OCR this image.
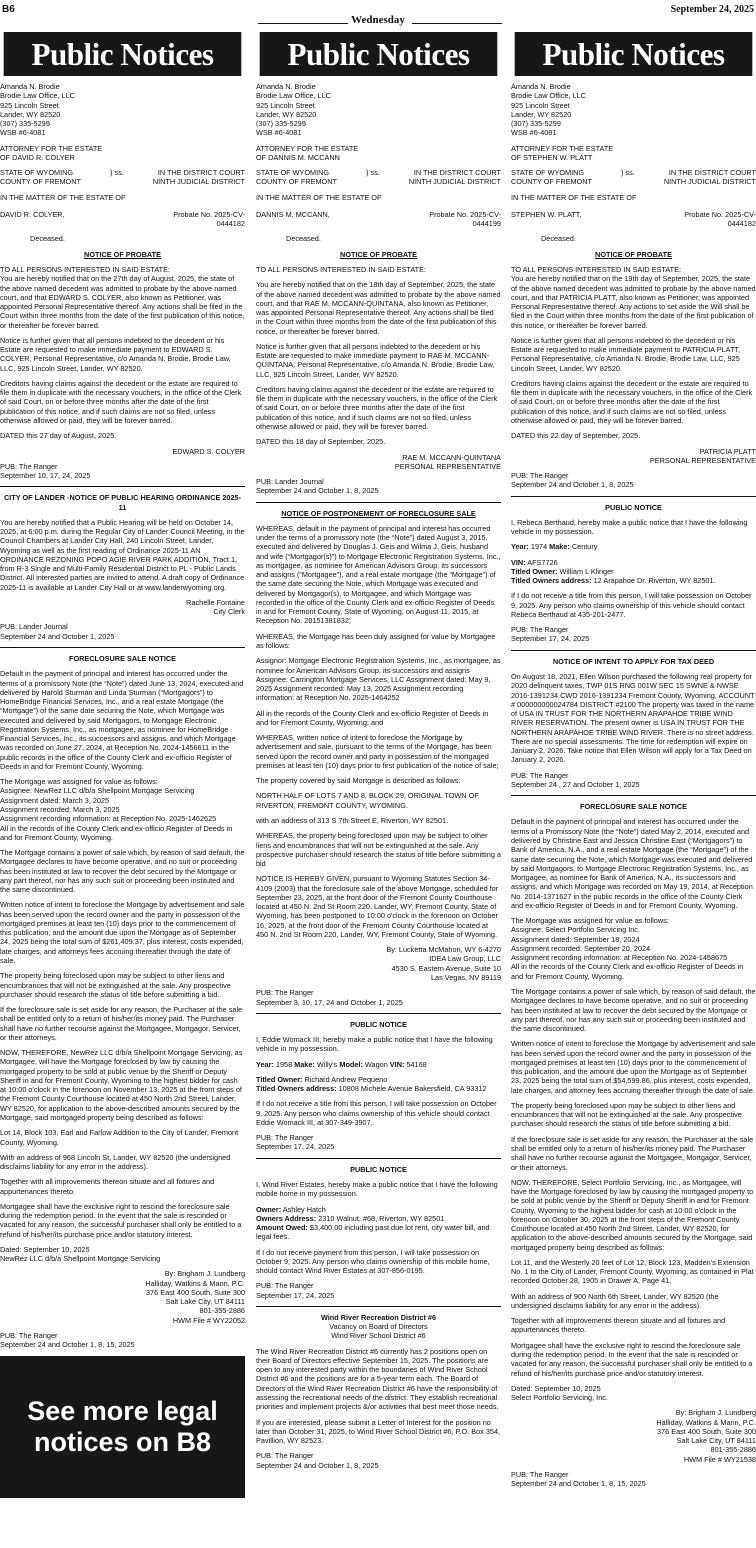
B6
Wednesday
September 24, 2025
Public Notices
Amanda N. Brodie
Brodie Law Office, LLC
925 Lincoln Street
Lander, WY 82520
(307) 335-5299
WSB #6-4081
ATTORNEY FOR THE ESTATE
OF DAVID R. COLYER
STATE OF WYOMING	) ss.	IN THE DISTRICT COURT
COUNTY OF FREMONT	NINTH JUDICIAL DISTRICT
IN THE MATTER OF THE ESTATE OF
DAVID R. COLYER,	Probate No. 2025-CV-0444182
Deceased.
NOTICE OF PROBATE

TO ALL PERSONS INTERESTED IN SAID ESTATE:
You are hereby notified that on the 27th day of August, 2025, the state of the above named decedent was admitted to probate by the above named court, and that EDWARD S. COLYER, also known as Petitioner, was appointed Personal Representative thereof. Any actions shall be filed in the Court within three months from the date of the first publication of this notice, or thereafter be forever barred.

Notice is further given that all persons indebted to the decedent or his Estate are requested to make immediate payment to EDWARD S. COLYER, Personal Representative, c/o Amanda N. Brodie, Brodie Law, LLC, 925 Lincoln Street, Lander, WY 82520.

Creditors having claims against the decedent or the estate are required to file them in duplicate with the necessary vouchers, in the office of the Clerk of said Court, on or before three months after the date of the first publication of this notice, and if such claims are not so filed, unless otherwise allowed or paid, they will be forever barred.

DATED this 27 day of August, 2025.

EDWARD S. COLYER
PUB: The Ranger
September 10, 17, 24, 2025
CITY OF LANDER -NOTICE OF PUBLIC HEARING ORDINANCE 2025- 11

You are hereby notified that a Public Hearing will be held on October 14, 2025, at 6:00 p.m. during the Regular City of Lander Council Meeting, in the Council Chambers at Lander City Hall, 240 Lincoln Street, Lander, Wyoming as well as the first reading of Ordinance 2025-11 AN ORDINANCE REZONING POPO AGIE RIVER PARK ADDITION, Tract 1, from R-3 Single and Multi-Family Residential District to PL - Public Lands District. All interested parties are invited to attend. A draft copy of Ordinance 2025-11 is available at Lander City Hall or at www.landerwyoming.org.

Rachelle Fontaine
City Clerk
PUB: Lander Journal
September 24 and October 1, 2025
FORECLOSURE SALE NOTICE

Default in the payment of principal and interest has occurred under the terms of a promissory Note (the “Note”) dated June 13, 2024, executed and delivered by Harold Sturman and Linda Sturman (“Mortgagors”) to HomeBridge Financial Services, Inc., and a real estate Mortgage (the “Mortgage”) of the same date securing the Note, which Mortgage was executed and delivered by said Mortgagors, to Mortgage Electronic Registration Systems, Inc., as mortgagee, as nominee for HomeBridge Financial Services, Inc., its successors and assigns, and which Mortgage was recorded on June 27, 2024, at Reception No. 2024-1456611 in the public records in the office of the County Clerk and ex-officio Register of Deeds in and for Fremont County, Wyoming.

The Mortgage was assigned for value as follows:
Assignee: NewRez LLC d/b/a Shellpoint Mortgage Servicing
Assignment dated: March 3, 2025
Assignment recorded: March 3, 2025
Assignment recording information: at Reception No. 2025-1462625
All in the records of the County Clerk and ex-officio Register of Deeds in and for Fremont County, Wyoming.

The Mortgage contains a power of sale which, by reason of said default, the Mortgagee declares to have become operative, and no suit or proceeding has been instituted at law to recover the debt secured by the Mortgage or any part thereof, nor has any such suit or proceeding been instituted and the same discontinued.

Written notice of intent to foreclose the Mortgage by advertisement and sale has been served upon the record owner and the party in possession of the mortgaged premises at least ten (10) days prior to the commencement of this publication, and the amount due upon the Mortgage as of September 24, 2025 being the total sum of $261,409.37, plus interest, costs expended, late charges, and attorneys fees accruing thereafter through the date of sale.

The property being foreclosed upon may be subject to other liens and encumbrances that will not be extinguished at the sale. Any prospective purchaser should research the status of title before submitting a bid.

If the foreclosure sale is set aside for any reason, the Purchaser at the sale shall be entitled only to a return of his/her/its money paid. The Purchaser shall have no further recourse against the Mortgagee, Mortgagor, Servicer, or their attorneys.

NOW, THEREFORE, NewRez LLC d/b/a Shellpoint Mortgage Servicing, as Mortgagee, will have the Mortgage foreclosed by law by causing the mortgaged property to be sold at public venue by the Sheriff or Deputy Sheriff in and for Fremont County, Wyoming to the highest bidder for cash at 10:00 o'clock in the forenoon on November 13, 2025 at the front steps of the Fremont County Courthouse located at 450 North 2nd Street, Lander, WY 82520, for application to the above-described amounts secured by the Mortgage, said mortgaged property being described as follows:

Lot 14, Block 103, Earl and Farlow Addition to the City of Lander, Fremont County, Wyoming.

With an address of 968 Lincoln St, Lander, WY 82520 (the undersigned disclaims liability for any error in the address).

Together with all improvements thereon situate and all fixtures and appurtenances thereto.

Mortgagee shall have the exclusive right to rescind the foreclosure sale during the redemption period. In the event that the sale is rescinded or vacated for any reason, the successful purchaser shall only be entitled to a refund of his/her/its purchase price and/or statutory interest.

Dated: September 10, 2025
NewRez LLC d/b/a Shellpoint Mortgage Servicing

By: Brigham J. Lundberg
Halliday, Watkins & Mann, P.C.
376 East 400 South, Suite 300
Salt Lake City, UT 84111
801-355-2886
HWM File # WY22052
PUB: The Ranger
September 24 and October 1, 8, 15, 2025
See more legal notices on B8
Public Notices
Amanda N. Brodie
Brodie Law Office, LLC
925 Lincoln Street
Lander, WY 82520
(307) 335-5299
WSB #6-4081
ATTORNEY FOR THE ESTATE
OF DANNIS M. MCCANN
STATE OF WYOMING	) ss.	IN THE DISTRICT COURT
COUNTY OF FREMONT	NINTH JUDICIAL DISTRICT
IN THE MATTER OF THE ESTATE OF
DANNIS M. MCCANN,	Probate No. 2025-CV-0444199
Deceased.
NOTICE OF PROBATE

TO ALL PERSONS INTERESTED IN SAID ESTATE:

You are hereby notified that on the 18th day of September, 2025, the state of the above named decedent was admitted to probate by the above named court, and that RAE M. MCCANN-QUINTANA, also known as Petitioner, was appointed Personal Representative thereof. Any actions shall be filed in the Court within three months from the date of the first publication of this notice, or thereafter be forever barred.

Notice is further given that all persons indebted to the decedent or his Estate are requested to make immediate payment to RAE M. MCCANN-QUINTANA, Personal Representative, c/o Amanda N. Brodie, Brodie Law, LLC, 925 Lincoln Street, Lander, WY 82520.

Creditors having claims against the decedent or the estate are required to file them in duplicate with the necessary vouchers, in the office of the Clerk of said Court, on or before three months after the date of the first publication of this notice, and if such claims are not so filed, unless otherwise allowed or paid, they will be forever barred.

DATED this 18 day of September, 2025.

RAE M. MCCANN-QUINTANA
PERSONAL REPRESENTATIVE
PUB: Lander Journal
September 24 and October 1, 8, 2025
NOTICE OF POSTPONEMENT OF FORECLOSURE SALE

WHEREAS, default in the payment of principal and interest has occurred under the terms of a promissory note (the “Note”) dated August 3, 2015, executed and delivered by Douglas J. Geis and Wilma J. Geis, husband and wife (“Mortgagor(s)”) to Mortgage Electronic Registration Systems, Inc., as mortgagee, as nominee for American Advisors Group, its successors and assigns (“Mortgagee”), and a real estate mortgage (the “Mortgage”) of the same date securing the Note, which Mortgage was executed and delivered by Mortgagor(s), to Mortgagee, and which Mortgage was recorded in the office of the County Clerk and ex-officio Register of Deeds in and for Fremont County, State of Wyoming, on August 11, 2015, at Reception No. 20151381832;

WHEREAS, the Mortgage has been duly assigned for value by Mortgagee as follows:

Assignor: Mortgage Electronic Registration Systems, Inc., as mortgagee, as nominee for American Advisors Group, its successors and assigns Assignee: Carrington Mortgage Services, LLC Assignment dated: May 9, 2025 Assignment recorded: May 13, 2025 Assignment recording information: at Reception No. 2025-1464252

All in the records of the County Clerk and ex-officio Register of Deeds in and for Fremont County, Wyoming; and

WHEREAS, written notice of intent to foreclose the Mortgage by advertisement and sale, pursuant to the terms of the Mortgage, has been served upon the record owner and party in possession of the mortgaged premises at least ten (10) days prior to first publication of the notice of sale;

The property covered by said Mortgage is described as follows:

NORTH HALF OF LOTS 7 AND 8, BLOCK 29, ORIGINAL TOWN OF RIVERTON, FREMONT COUNTY, WYOMING.

with an address of 313 S 7th Street E, Riverton, WY 82501.

WHEREAS, the property being foreclosed upon may be subject to other liens and encumbrances that will not be extinguished at the sale. Any prospective purchaser should research the status of title before submitting a bid

NOTICE IS HEREBY GIVEN, pursuant to Wyoming Statutes Section 34-4109 (2003) that the foreclosure sale of the above Mortgage, scheduled for September 23, 2025, at the front door of the Fremont County Courthouse located at 450 N. 2nd St Room 220, Lander, WY, Fremont County, State of Wyoming, has been postponed to 10:00 o'clock in the forenoon on October 16, 2025, at the front door of the Fremont County Courthouse located at 450 N. 2nd St Room 220, Lander, WY, Fremont County, State of Wyoming.

By: Lucketta McMahon, WY 6-4270
IDEA Law Group, LLC
4530 S. Eastern Avenue, Suite 10
Las Vegas, NV 89119
PUB: The Ranger
September 3, 10, 17, 24 and October 1, 2025
PUBLIC NOTICE

I, Eddie Womack III, hereby make a public notice that I have the following vehicle in my possession.

Year: 1958 Make: Willy's Model: Wagon VIN: 54168

Titled Owner: Richard Andrew Pequeno
Titled Owners address: 10808 Michele Avenue Bakersfield, CA 93312

If I do not receive a title from this person, I will take possession on October 9, 2025. Any person who claims ownership of this vehicle should contact Eddie Womack III, at 307-349-3907.

PUB: The Ranger
September 17, 24, 2025
PUBLIC NOTICE

I, Wind River Estates, hereby make a public notice that I have the following mobile home in my possession.

Owner: Ashley Hatch
Owners Address: 2310 Walnut, #68, Riverton, WY 82501
Amount Owed: $3,400.00 including past due lot rent, city water bill, and legal fees.

If I do not receive payment from this person, I will take possession on October 9, 2025. Any person who claims ownership of this mobile home, should contact Wind River Estates at 307-856-0195.

PUB: The Ranger
September 17, 24, 2025
Wind River Recreation District #6
Vacancy on Board of Directors
Wind River School District #6

The Wind River Recreation District #6 currently has 2 positions open on their Board of Directors effective September 15, 2025. The positions are open to any interested party within the boundaries of Wind River School District #6 and the positions are for a 5-year term each. The Board of Directors of the Wind River Recreation District #6 have the responsibility of assessing the recreational needs of the district. They establish recreational priorities and implement projects &/or activities that best meet those needs.

If you are interested, please submit a Letter of Interest for the position no later than October 31, 2025, to Wind River School District #6, P.O. Box 354, Pavillion, WY 82523.

PUB: The Ranger
September 24 and October 1, 8, 2025
Public Notices
Amanda N. Brodie
Brodie Law Office, LLC
925 Lincoln Street
Lander, WY 82520
(307) 335-5299
WSB #6-4081
ATTORNEY FOR THE ESTATE
OF STEPHEN W. PLATT
STATE OF WYOMING	) ss.	IN THE DISTRICT COURT
COUNTY OF FREMONT	NINTH JUDICIAL DISTRICT
IN THE MATTER OF THE ESTATE OF
STEPHEN W. PLATT,	Probate No. 2025-CV-0444182
Deceased.
NOTICE OF PROBATE

TO ALL PERSONS INTERESTED IN SAID ESTATE:
You are hereby notified that on the 19th day of September, 2025, the state of the above named decedent was admitted to probate by the above named court, and that PATRICIA PLATT, also known as Petitioner, was appointed Personal Representative thereof. Any actions to set aside the Will shall be filed in the Court within three months from the date of the first publication of this notice, or thereafter be forever barred.

Notice is further given that all persons indebted to the decedent or his Estate are requested to make immediate payment to PATRICIA PLATT, Personal Representative, c/o Amanda N. Brodie, Brodie Law, LLC, 925 Lincoln Street, Lander, WY 82520.

Creditors having claims against the decedent or the estate are required to file them in duplicate with the necessary vouchers, in the office of the Clerk of said Court, on or before three months after the date of the first publication of this notice, and if such claims are not so filed, unless otherwise allowed or paid, they will be forever barred.

DATED this 22 day of September, 2025.

PATRICIA PLATT
PERSONAL REPRESENTATIVE
PUB: The Ranger
September 24 and October 1, 8, 2025
PUBLIC NOTICE

I, Rebeca Berthaud, hereby make a public notice that I have the following vehicle in my possession.

Year: 1974 Make: Century

VIN: AFS7726
Titled Owner: William L Klinger
Titled Owners address: 12 Arapahoe Dr. Riverton, WY 82501.

If I do not receive a title from this person, I will take possession on October 9, 2025. Any person who claims ownership of this vehicle should contact Rebeca Berthaud at 435-201-2477.

PUB: The Ranger
September 17, 24, 2025
NOTICE OF INTENT TO APPLY FOR TAX DEED

On August 18, 2021, Ellen Wilson purchased the following real property for 2020 delinquent taxes, TWP 01S RNG 001W SEC 15 SWNE & NWSE 2016-1391234 CWD 2016-1391234 Fremont County, Wyoming, ACCOUNT # 000000000024784 DISTRICT #2100 The property was taxed in the name of USA IN TRUST FOR THE NORTHERN ARAPAHOE TRIBE WIND RIVER RESERVATION. The present owner is USA IN TRUST FOR THE NORTHERN ARAPAHOE TRIBE WIND RIVER. There is no street address. There are no special assessments. The time for redemption will expire on January 2, 2026. Take notice that Ellen Wilson will apply for a Tax Deed on January 2, 2026.

PUB: The Ranger
September 24 , 27 and October 1, 2025
FORECLOSURE SALE NOTICE

Default in the payment of principal and interest has occurred under the terms of a Promissory Note (the “Note”) dated May 2, 2014, executed and delivered by Christine East and Jessica Christine East (“Mortgagors”) to Bank of America, N.A., and a real estate Mortgage (the “Mortgage”) of the same date securing the Note, which Mortgage was executed and delivered by said Mortgagors, to Mortgage Electronic Registration Systems, Inc., as Mortgagee, as nominee for Bank of America, N.A., its successors and assigns, and which Mortgage was recorded on May 19, 2014, at Reception No. 2014-1371627 in the public records in the office of the County Clerk and ex-officio Register of Deeds in and for Fremont County, Wyoming.

The Mortgage was assigned for value as follows:
Assignee: Select Portfolio Servicing Inc.
Assignment dated: September 18, 2024
Assignment recorded: September 20, 2024
Assignment recording information: at Reception No. 2024-1458675
All in the records of the County Clerk and ex-officio Register of Deeds in and for Fremont County, Wyoming.

The Mortgage contains a power of sale which, by reason of said default, the Mortgagee declares to have become operative, and no suit or proceeding has been instituted at law to recover the debt secured by the Mortgage or any part thereof, nor has any such suit or proceeding been instituted and the same discontinued.

Written notice of intent to foreclose the Mortgage by advertisement and sale has been served upon the record owner and the party in possession of the mortgaged premises at least ten (10) days prior to the commencement of this publication, and the amount due upon the Mortgage as of September 23, 2025 being the total sum of $54,599.86, plus interest, costs expended, late charges, and attorney fees accruing thereafter through the date of sale.

The property being foreclosed upon may be subject to other liens and encumbrances that will not be extinguished at the sale. Any prospective purchaser should research the status of title before submitting a bid.

If the foreclosure sale is set aside for any reason, the Purchaser at the sale shall be entitled only to a return of his/her/its money paid. The Purchaser shall have no further recourse against the Mortgagee, Mortgagor, Servicer, or their attorneys.

NOW, THEREFORE, Select Portfolio Servicing, Inc., as Mortgagee, will have the Mortgage foreclosed by law by causing the mortgaged property to be sold at public venue by the Sheriff or Deputy Sheriff in and for Fremont County, Wyoming to the highest bidder for cash at 10:00 o'clock in the forenoon on October 30, 2025 at the front steps of the Fremont County Courthouse located at 450 North 2nd Street, Lander, WY 82520, for application to the above-described amounts secured by the Mortgage, said mortgaged property being described as follows:

Lot 11, and the Westerly 20 feet of Lot 12, Block 123, Madden's Extension No. 1 to the City of Lander, Fremont County, Wyoming, as contained in Plat recorded October 28, 1905 in Drawer A, Page 41.

With an address of 900 North 6th Street, Lander, WY 82520 (the undersigned disclaims liability for any error in the address).

Together with all improvements thereon situate and all fixtures and appurtenances thereto.

Mortgagee shall have the exclusive right to rescind the foreclosure sale during the redemption period. In the event that the sale is rescinded or vacated for any reason, the successful purchaser shall only be entitled to a refund of his/her/its purchase price and/or statutory interest.

Dated: September 10, 2025
Select Portfolio Servicing, Inc.

By: Brigham J. Lundberg
Halliday, Watkins & Mann, P.C.
376 East 400 South, Suite 300
Salt Lake City, UT 84111
801-355-2886
HWM File # WY21538
PUB: The Ranger
September 24 and October 1, 8, 15, 2025
